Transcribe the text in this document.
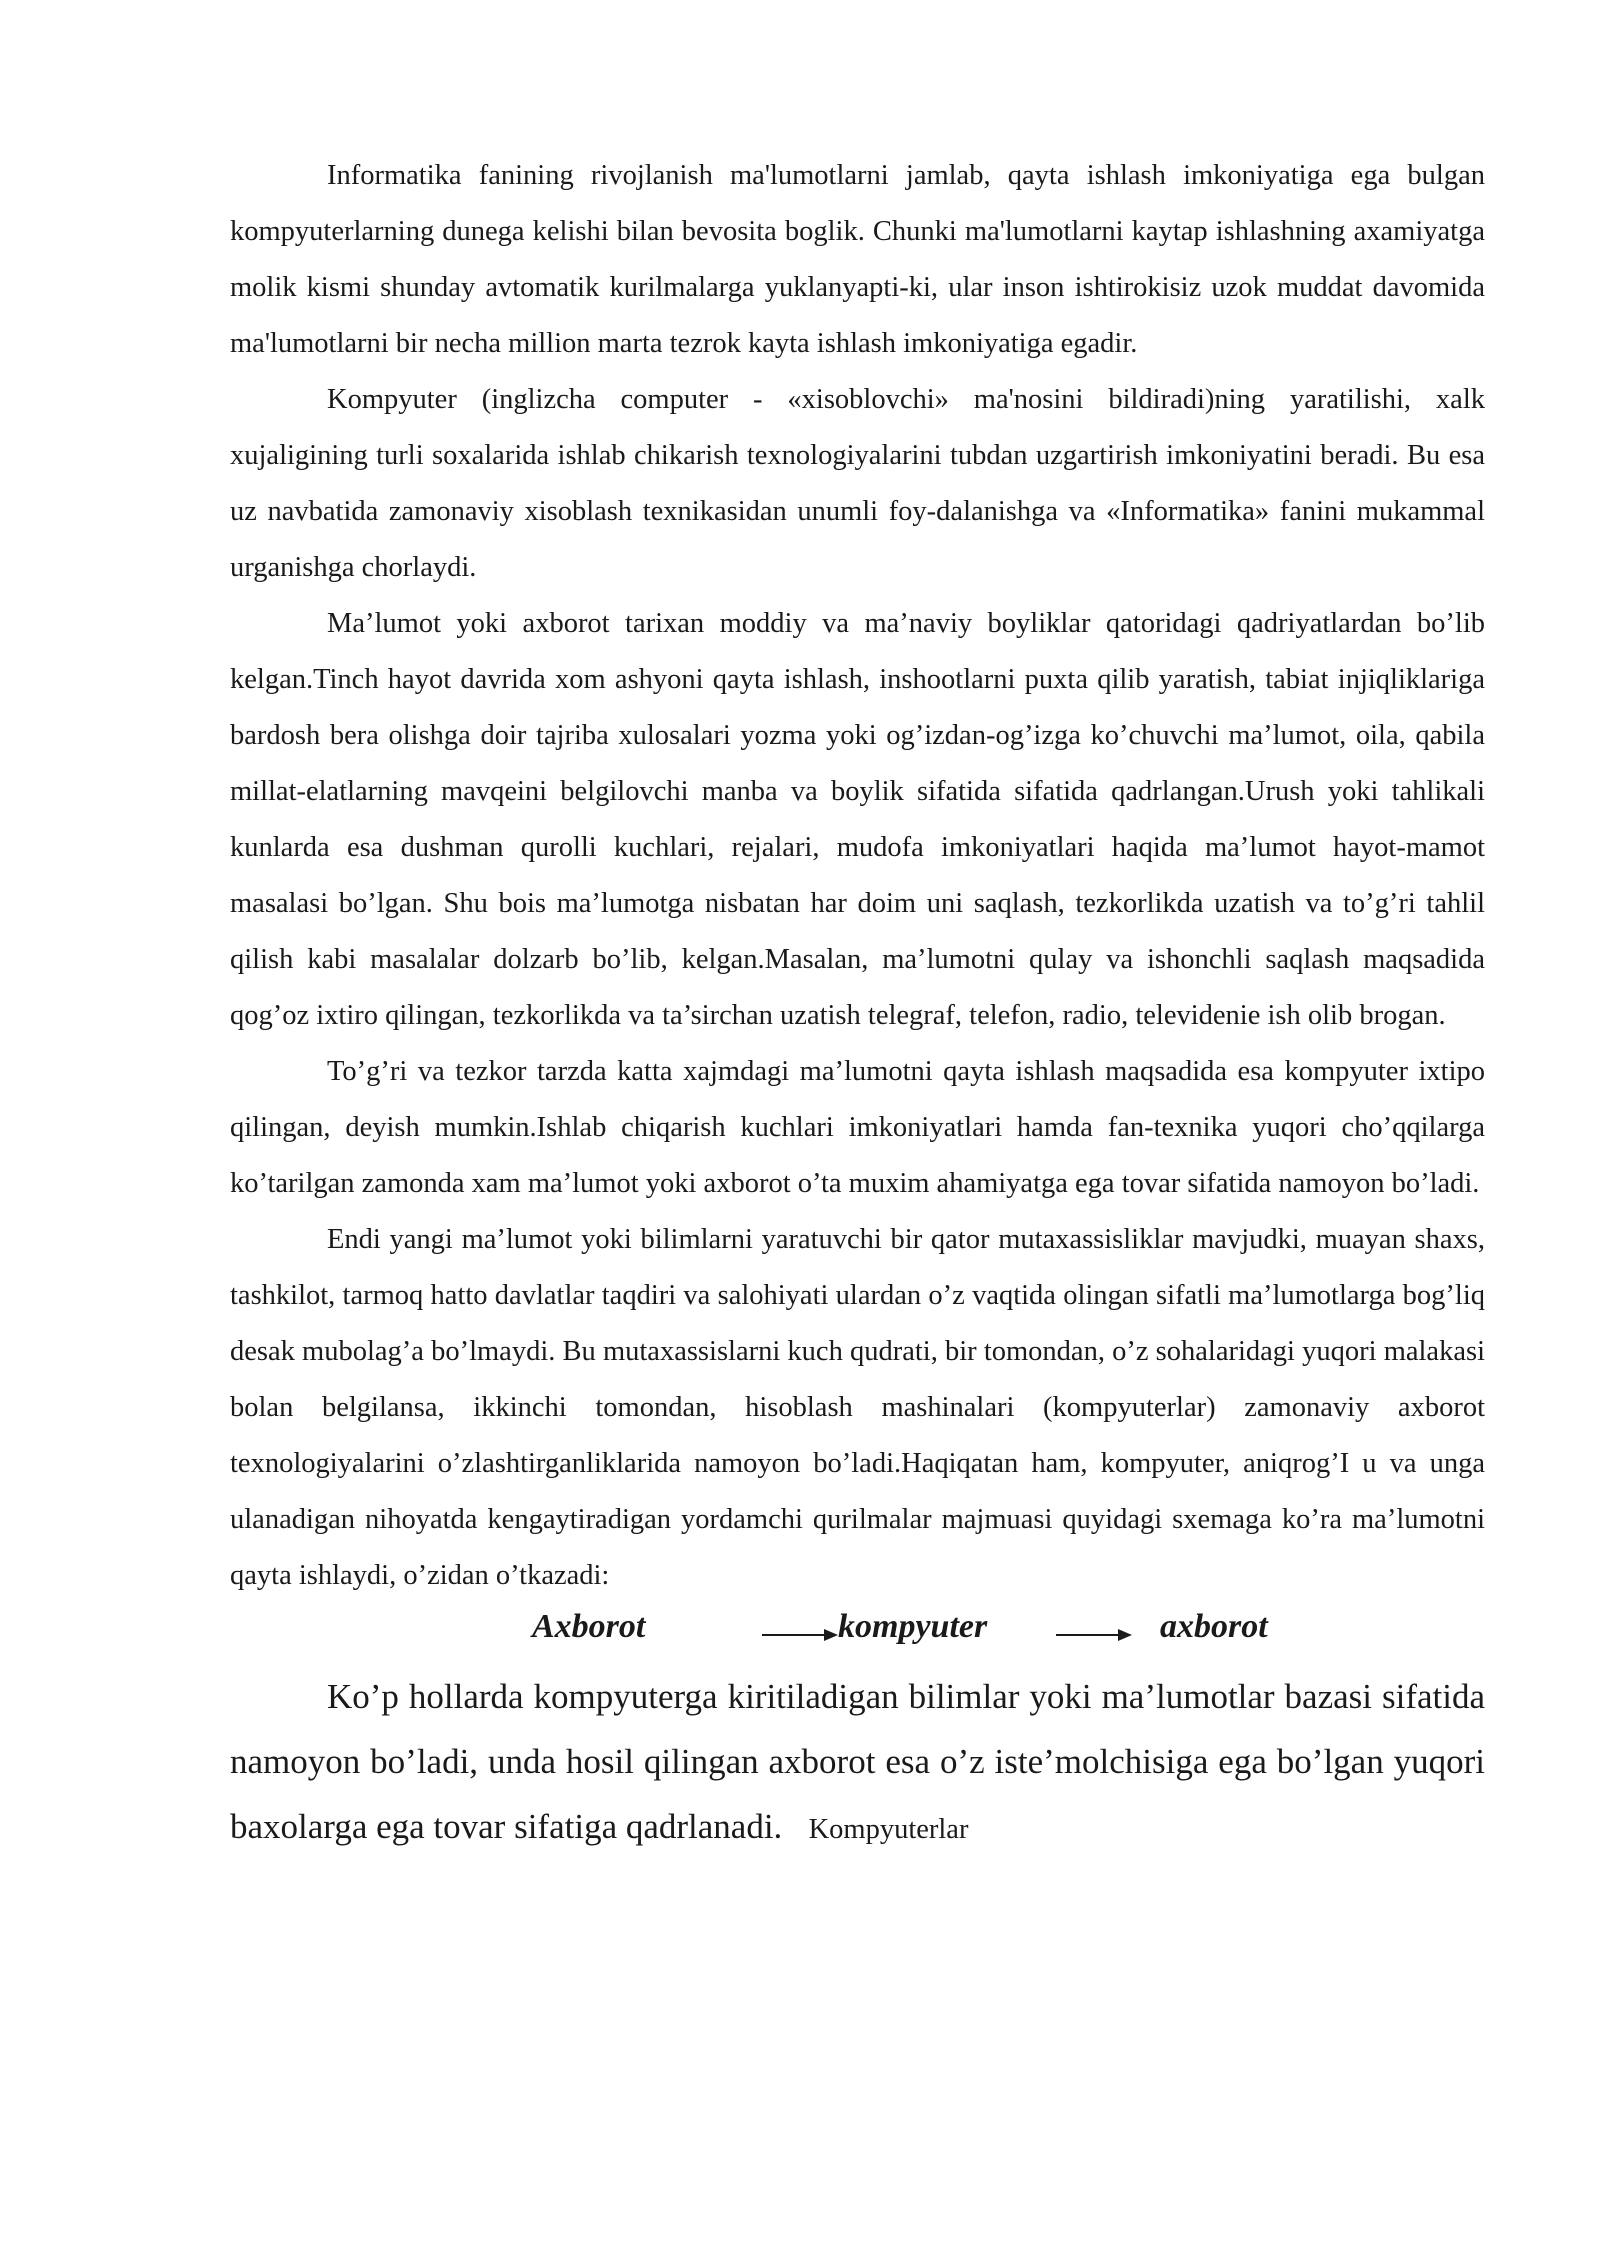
Informatika fanining rivojlanish ma'lumotlarni jamlab, qayta ishlash imkoniyatiga ega bulgan kompyuterlarning dunega kelishi bilan bevosita boglik. Chunki ma'lumotlarni kaytap ishlashning axamiyatga molik kismi shunday avtomatik kurilmalarga yuklanyapti-ki, ular inson ishtirokisiz uzok muddat davomida ma'lumotlarni bir necha million marta tezrok kayta ishlash imkoniyatiga egadir.

Kompyuter (inglizcha computer - «xisoblovchi» ma'nosini bildiradi)ning yaratilishi, xalk xujaligining turli soxalarida ishlab chikarish texnologiyalarini tubdan uzgartirish imkoniyatini beradi. Bu esa uz navbatida zamonaviy xisoblash texnikasidan unumli foy-dalanishga va «Informatika» fanini mukammal urganishga chorlaydi.

Ma’lumot yoki axborot tarixan moddiy va ma’naviy boyliklar qatoridagi qadriyatlardan bo’lib kelgan.Tinch hayot davrida xom ashyoni qayta ishlash, inshootlarni puxta qilib yaratish, tabiat injiqliklariga bardosh bera olishga doir tajriba xulosalari yozma yoki og’izdan-og’izga ko’chuvchi ma’lumot, oila, qabila millat-elatlarning mavqeini belgilovchi manba va boylik sifatida sifatida qadrlangan.Urush yoki tahlikali kunlarda esa dushman qurolli kuchlari, rejalari, mudofa imkoniyatlari haqida ma’lumot hayot-mamot masalasi bo’lgan. Shu bois ma’lumotga nisbatan har doim uni saqlash, tezkorlikda uzatish va to’g’ri tahlil qilish kabi masalalar dolzarb bo’lib, kelgan.Masalan, ma’lumotni qulay va ishonchli saqlash maqsadida qog’oz ixtiro qilingan, tezkorlikda va ta’sirchan uzatish telegraf, telefon, radio, televidenie ish olib brogan.

To’g’ri va tezkor tarzda katta xajmdagi ma’lumotni qayta ishlash maqsadida esa kompyuter ixtipo qilingan, deyish mumkin.Ishlab chiqarish kuchlari imkoniyatlari hamda fan-texnika yuqori cho’qqilarga ko’tarilgan zamonda xam ma’lumot yoki axborot o’ta muxim ahamiyatga ega tovar sifatida namoyon bo’ladi.

Endi yangi ma’lumot yoki bilimlarni yaratuvchi bir qator mutaxassisliklar mavjudki, muayan shaxs, tashkilot, tarmoq hatto davlatlar taqdiri va salohiyati ulardan o’z vaqtida olingan sifatli ma’lumotlarga bog’liq desak mubolag’a bo’lmaydi. Bu mutaxassislarni kuch qudrati, bir tomondan, o’z sohalaridagi yuqori malakasi bolan belgilansa, ikkinchi tomondan, hisoblash mashinalari (kompyuterlar) zamonaviy axborot texnologiyalarini o’zlashtirganliklarida namoyon bo’ladi.Haqiqatan ham, kompyuter, aniqrog’I u va unga ulanadigan nihoyatda kengaytiradigan yordamchi qurilmalar majmuasi quyidagi sxemaga ko’ra ma’lumotni qayta ishlaydi, o’zidan o’tkazadi:

Axborot	kompyuter	axborot

Ko’p hollarda kompyuterga kiritiladigan bilimlar yoki ma’lumotlar bazasi sifatida namoyon bo’ladi, unda hosil qilingan axborot esa o’z iste’molchisiga ega bo’lgan yuqori baxolarga ega tovar sifatiga qadrlanadi. Kompyuterlar
